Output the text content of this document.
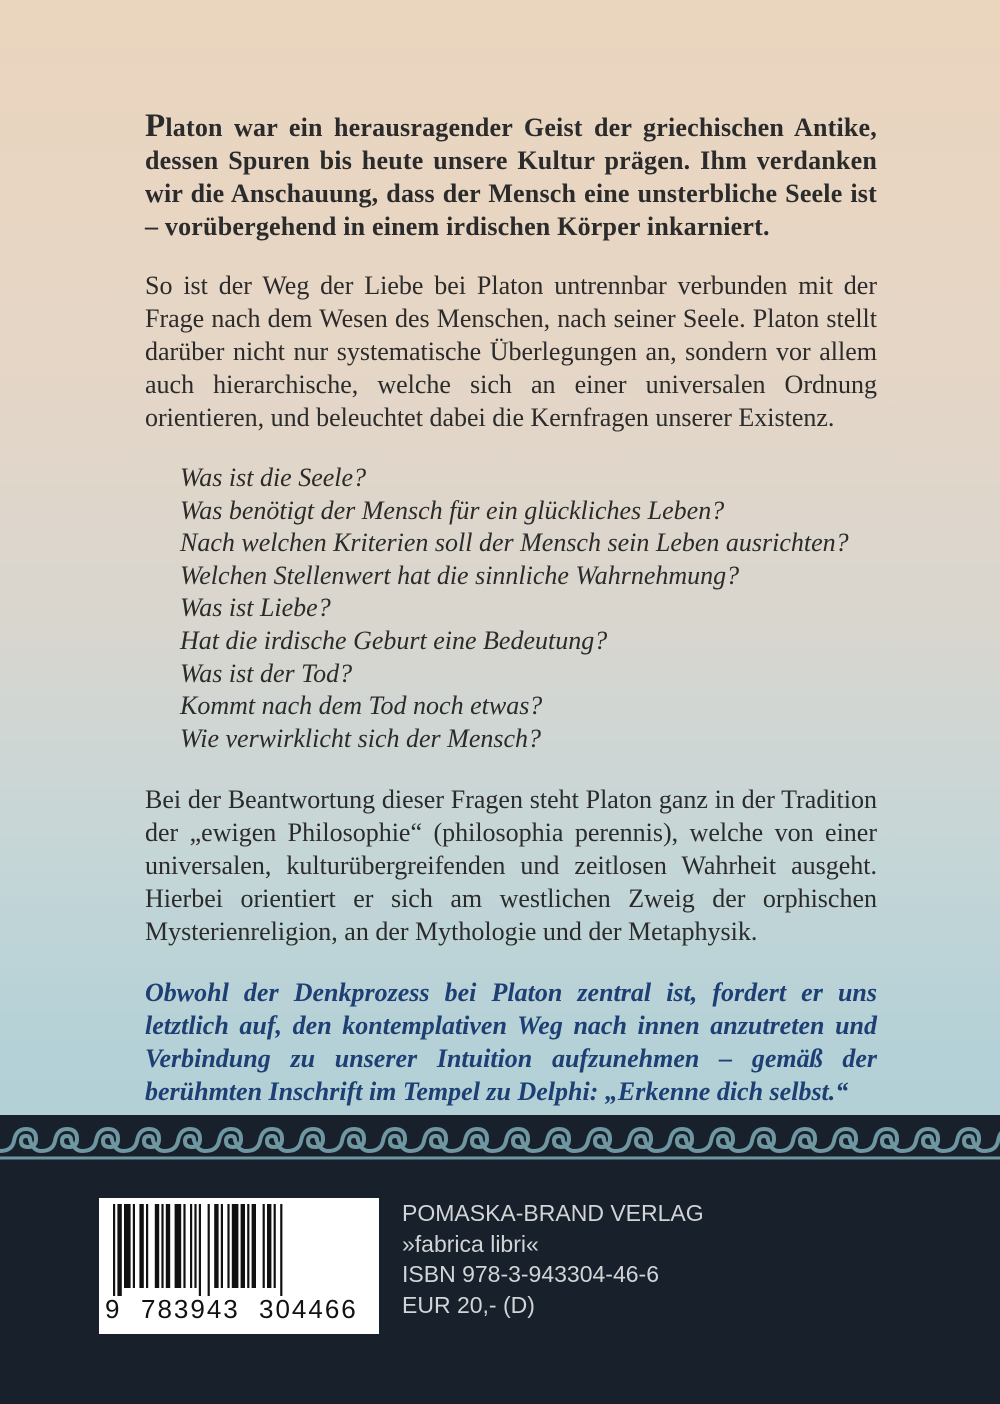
Platon war ein herausragender Geist der griechischen Antike, dessen Spuren bis heute unsere Kultur prägen. Ihm verdanken wir die Anschauung, dass der Mensch eine unsterbliche Seele ist – vorübergehend in einem irdischen Körper inkarniert.

So ist der Weg der Liebe bei Platon untrennbar verbunden mit der Frage nach dem Wesen des Menschen, nach seiner Seele. Platon stellt darüber nicht nur systematische Überlegungen an, sondern vor allem auch hierarchische, welche sich an einer universalen Ordnung orientieren, und beleuchtet dabei die Kernfragen unserer Existenz.

Was ist die Seele?
Was benötigt der Mensch für ein glückliches Leben?
Nach welchen Kriterien soll der Mensch sein Leben ausrichten?
Welchen Stellenwert hat die sinnliche Wahrnehmung?
Was ist Liebe?
Hat die irdische Geburt eine Bedeutung?
Was ist der Tod?
Kommt nach dem Tod noch etwas?
Wie verwirklicht sich der Mensch?

Bei der Beantwortung dieser Fragen steht Platon ganz in der Tradition der „ewigen Philosophie“ (philosophia perennis), welche von einer universalen, kulturübergreifenden und zeitlosen Wahrheit ausgeht. Hierbei orientiert er sich am westlichen Zweig der orphischen Mysterienreligion, an der Mythologie und der Metaphysik.

Obwohl der Denkprozess bei Platon zentral ist, fordert er uns letztlich auf, den kontemplativen Weg nach innen anzutreten und Verbindung zu unserer Intuition aufzunehmen – gemäß der berühmten Inschrift im Tempel zu Delphi: „Erkenne dich selbst.“

9 783943 304466
POMASKA-BRAND VERLAG
»fabrica libri«
ISBN 978-3-943304-46-6
EUR 20,- (D)
